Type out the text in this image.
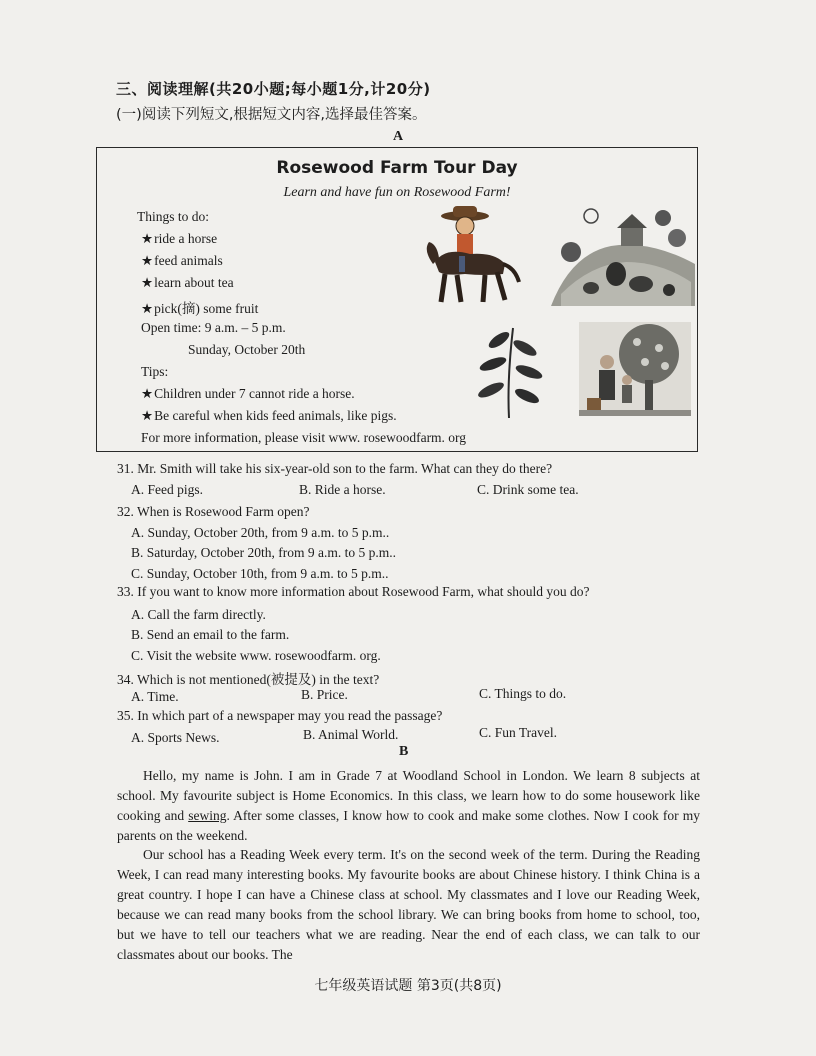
三、阅读理解(共20小题;每小题1分,计20分)
(一)阅读下列短文,根据短文内容,选择最佳答案。
A
Rosewood Farm Tour Day
Learn and have fun on Rosewood Farm!
Things to do:
★ride a horse
★feed animals
★learn about tea
★pick(摘) some fruit
Open time: 9 a.m. – 5 p.m.
Sunday, October 20th
Tips:
★Children under 7 cannot ride a horse.
★Be careful when kids feed animals, like pigs.
For more information, please visit www. rosewoodfarm. org
31. Mr. Smith will take his six-year-old son to the farm. What can they do there?
A. Feed pigs.	B. Ride a horse.	C. Drink some tea.
32. When is Rosewood Farm open?
A. Sunday, October 20th, from 9 a.m. to 5 p.m..
B. Saturday, October 20th, from 9 a.m. to 5 p.m..
C. Sunday, October 10th, from 9 a.m. to 5 p.m..
33. If you want to know more information about Rosewood Farm, what should you do?
A. Call the farm directly.
B. Send an email to the farm.
C. Visit the website www. rosewoodfarm. org.
34. Which is not mentioned(被提及) in the text?
A. Time.	B. Price.	C. Things to do.
35. In which part of a newspaper may you read the passage?
A. Sports News.	B. Animal World.	C. Fun Travel.
B
Hello, my name is John. I am in Grade 7 at Woodland School in London. We learn 8 subjects at school. My favourite subject is Home Economics. In this class, we learn how to do some housework like cooking and sewing. After some classes, I know how to cook and make some clothes. Now I cook for my parents on the weekend.
Our school has a Reading Week every term. It's on the second week of the term. During the Reading Week, I can read many interesting books. My favourite books are about Chinese history. I think China is a great country. I hope I can have a Chinese class at school. My classmates and I love our Reading Week, because we can read many books from the school library. We can bring books from home to school, too, but we have to tell our teachers what we are reading. Near the end of each class, we can talk to our classmates about our books. The
七年级英语试题 第3页(共8页)
